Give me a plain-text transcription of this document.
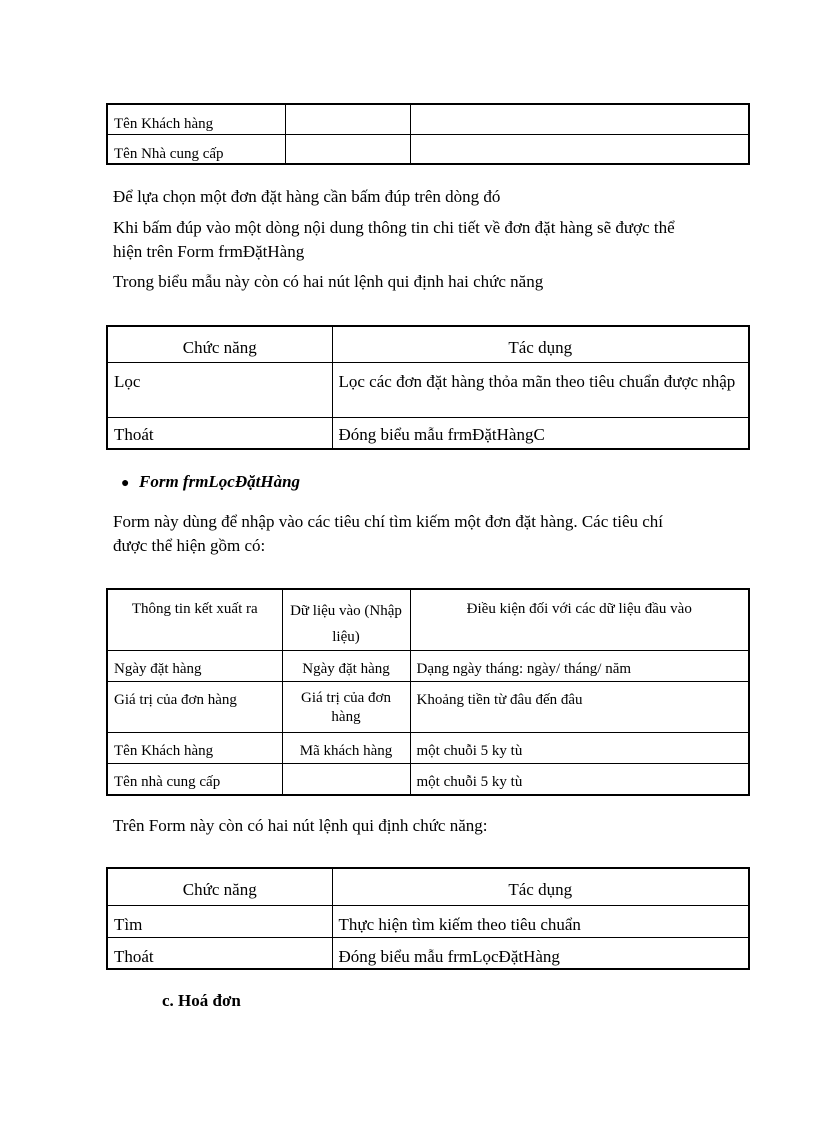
Tên Khách hàng		
Tên Nhà cung cấp		
Để lựa chọn một đơn đặt hàng cần bấm đúp trên dòng đó
Khi bấm đúp vào một dòng nội dung thông tin chi tiết về đơn đặt hàng sẽ được thể
hiện trên Form frmĐặtHàng
Trong biểu mẫu này còn có hai nút lệnh qui định hai chức năng
Chức năng	Tác dụng
Lọc	Lọc các đơn đặt hàng thỏa mãn theo tiêu chuẩn được nhập
Thoát	Đóng biểu mẫu frmĐặtHàngC
● Form frmLọcĐặtHàng
Form này dùng để nhập vào các tiêu chí tìm kiếm một đơn đặt hàng. Các tiêu chí
được thể hiện gồm có:
Thông tin kết xuất ra	Dữ liệu vào (Nhập liệu)	Điều kiện đối với các dữ liệu đầu vào
Ngày đặt hàng	Ngày đặt hàng	Dạng ngày tháng: ngày/ tháng/ năm
Giá trị của đơn hàng	Giá trị của đơn hàng	Khoảng tiền từ đâu đến đâu
Tên Khách hàng	Mã khách hàng	một chuỗi 5 ky tù
Tên nhà cung cấp		một chuỗi 5 ky tù
Trên Form này còn có hai nút lệnh qui định chức năng:
Chức năng	Tác dụng
Tìm	Thực hiện tìm kiếm theo tiêu chuẩn
Thoát	Đóng biểu mẫu frmLọcĐặtHàng
c. Hoá đơn
